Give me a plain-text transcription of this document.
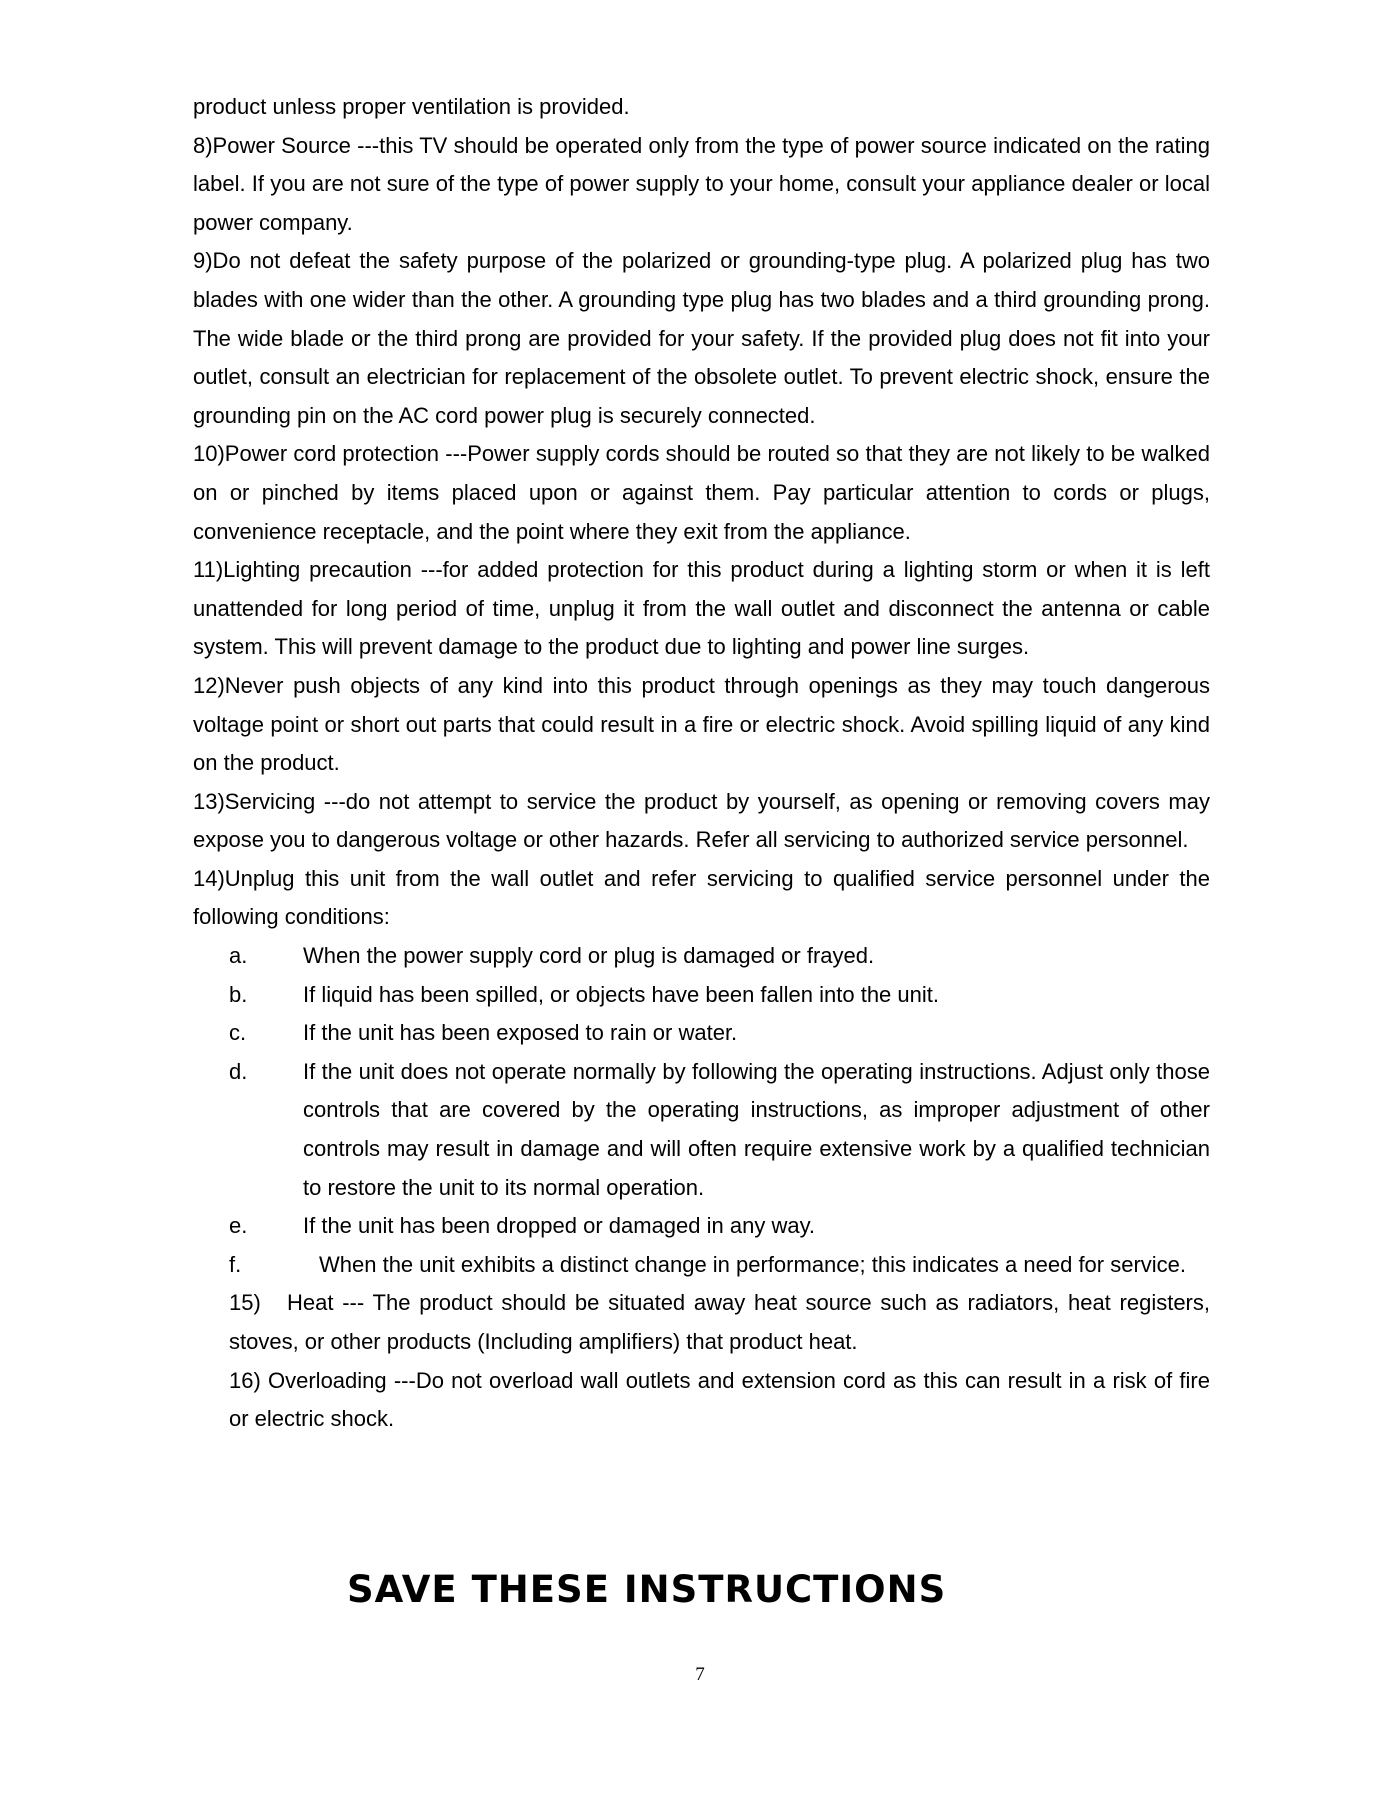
product unless proper ventilation is provided.

8)Power Source ---this TV should be operated only from the type of power source indicated on the rating label. If you are not sure of the type of power supply to your home, consult your appliance dealer or local power company.

9)Do not defeat the safety purpose of the polarized or grounding-type plug. A polarized plug has two blades with one wider than the other. A grounding type plug has two blades and a third grounding prong. The wide blade or the third prong are provided for your safety. If the provided plug does not fit into your outlet, consult an electrician for replacement of the obsolete outlet. To prevent electric shock, ensure the grounding pin on the AC cord power plug is securely connected.

10)Power cord protection ---Power supply cords should be routed so that they are not likely to be walked on or pinched by items placed upon or against them. Pay particular attention to cords or plugs, convenience receptacle, and the point where they exit from the appliance.

11)Lighting precaution ---for added protection for this product during a lighting storm or when it is left unattended for long period of time, unplug it from the wall outlet and disconnect the antenna or cable system. This will prevent damage to the product due to lighting and power line surges.

12)Never push objects of any kind into this product through openings as they may touch dangerous voltage point or short out parts that could result in a fire or electric shock. Avoid spilling liquid of any kind on the product.

13)Servicing ---do not attempt to service the product by yourself, as opening or removing covers may expose you to dangerous voltage or other hazards. Refer all servicing to authorized service personnel.

14)Unplug this unit from the wall outlet and refer servicing to qualified service personnel under the following conditions:

a.	When the power supply cord or plug is damaged or frayed.
b.	If liquid has been spilled, or objects have been fallen into the unit.
c.	If the unit has been exposed to rain or water.
d.	If the unit does not operate normally by following the operating instructions. Adjust only those controls that are covered by the operating instructions, as improper adjustment of other controls may result in damage and will often require extensive work by a qualified technician to restore the unit to its normal operation.
e.	If the unit has been dropped or damaged in any way.
f.	When the unit exhibits a distinct change in performance; this indicates a need for service.

15)   Heat --- The product should be situated away heat source such as radiators, heat registers, stoves, or other products (Including amplifiers) that product heat.

16) Overloading ---Do not overload wall outlets and extension cord as this can result in a risk of fire or electric shock.

SAVE THESE INSTRUCTIONS
7
